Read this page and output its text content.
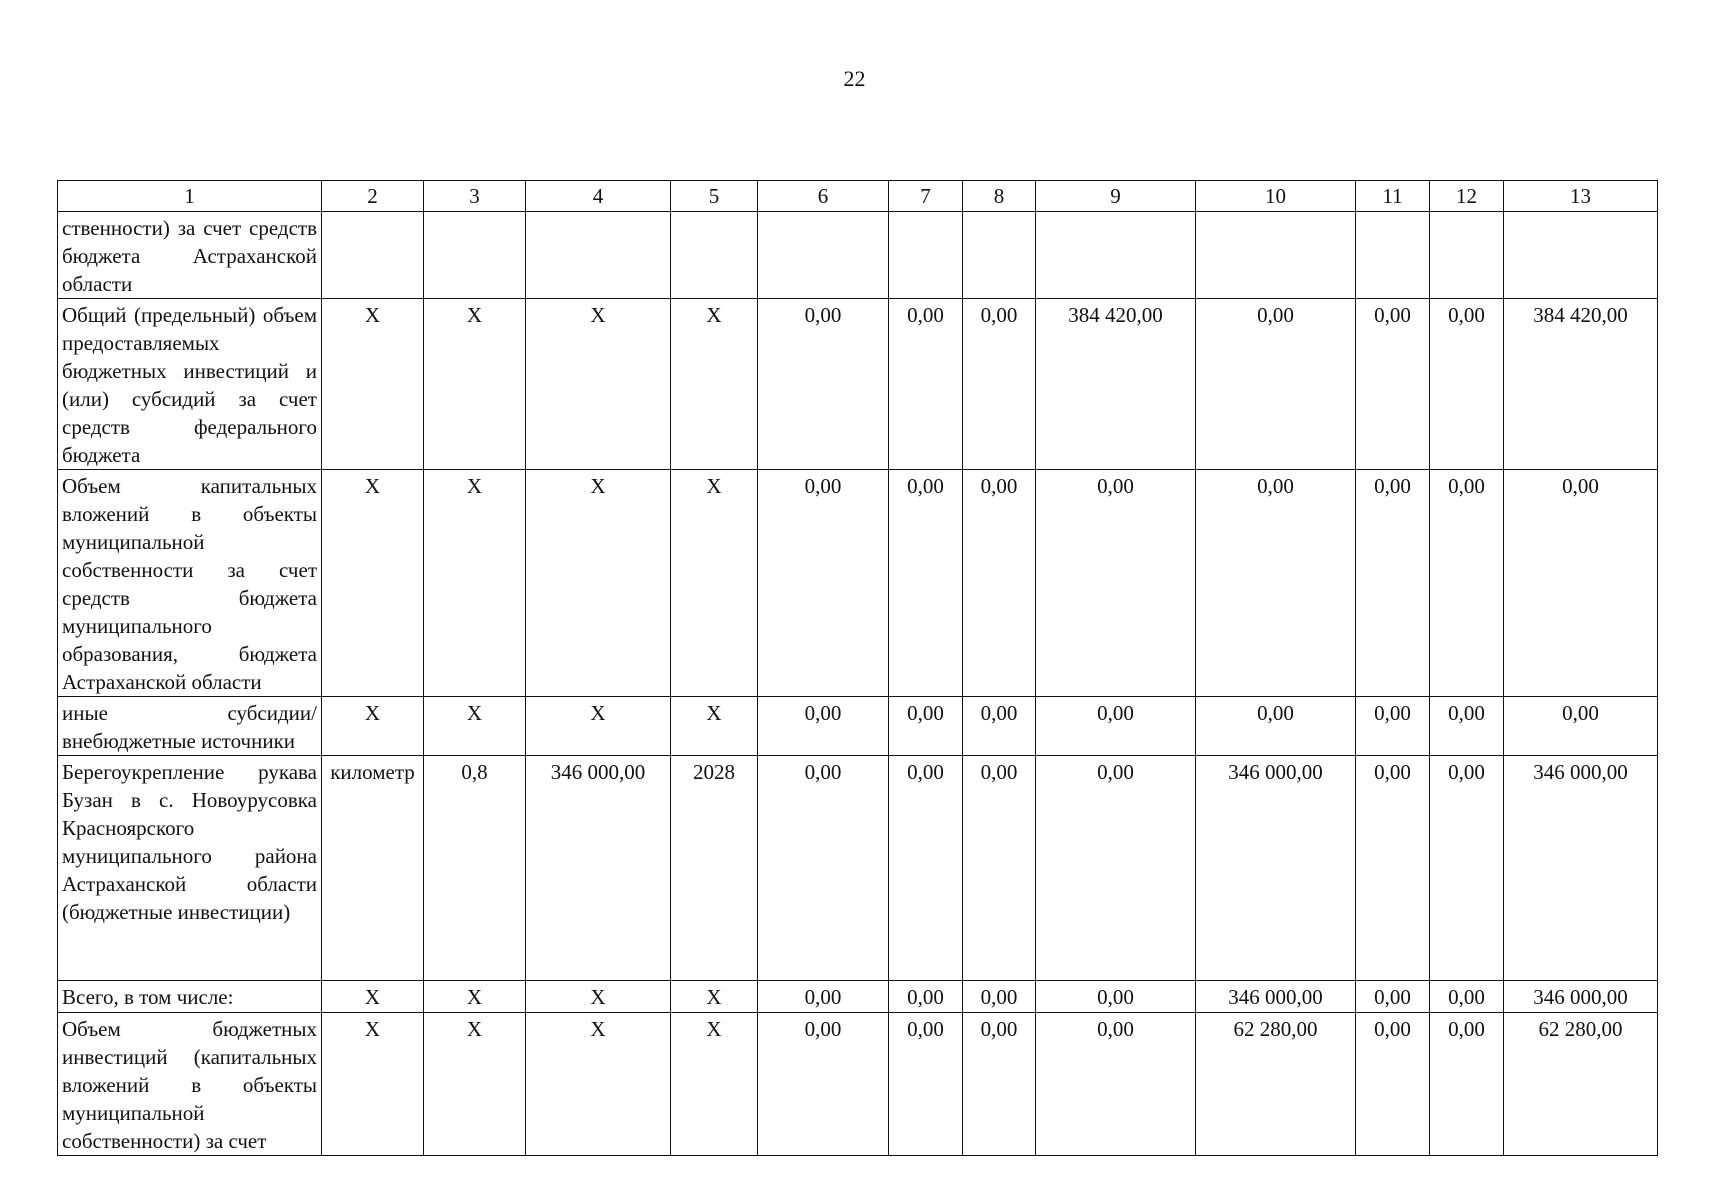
22
1	2	3	4	5	6	7	8	9	10	11	12	13
ственности) за счет средств бюджета Астраханской области												
Общий (предельный) объем предоставляемых бюджетных инвестиций и (или) субсидий за счет средств федерального бюджета	Х	Х	Х	Х	0,00	0,00	0,00	384 420,00	0,00	0,00	0,00	384 420,00
Объем капитальных вложений в объекты муниципальной собственности за счет средств бюджета муниципального образования, бюджета Астраханской области	Х	Х	Х	Х	0,00	0,00	0,00	0,00	0,00	0,00	0,00	0,00
иные субсидии/ внебюджетные источники	Х	Х	Х	Х	0,00	0,00	0,00	0,00	0,00	0,00	0,00	0,00
Берегоукрепление рукава Бузан в с. Новоурусовка Красноярского муниципального района Астраханской области (бюджетные инвестиции)	километр	0,8	346 000,00	2028	0,00	0,00	0,00	0,00	346 000,00	0,00	0,00	346 000,00
Всего, в том числе:	Х	Х	Х	Х	0,00	0,00	0,00	0,00	346 000,00	0,00	0,00	346 000,00
Объем бюджетных инвестиций (капитальных вложений в объекты муниципальной собственности) за счет	Х	Х	Х	Х	0,00	0,00	0,00	0,00	62 280,00	0,00	0,00	62 280,00
